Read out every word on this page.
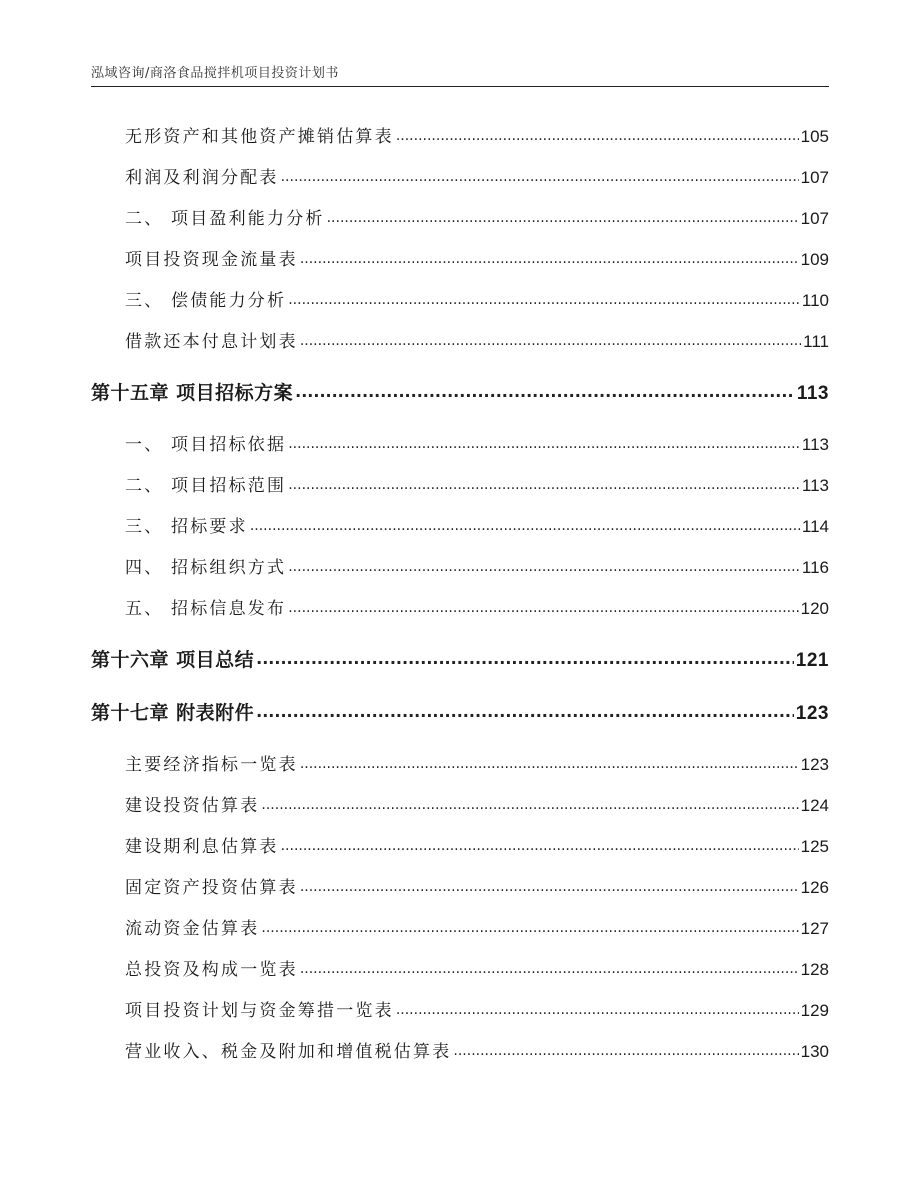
泓域咨询/商洛食品搅拌机项目投资计划书
无形资产和其他资产摊销估算表 .....	105
利润及利润分配表 .....	107
二、 项目盈利能力分析 .....	107
项目投资现金流量表 .....	109
三、 偿债能力分析 .....	110
借款还本付息计划表 .....	111
第十五章 项目招标方案 .....	113
一、 项目招标依据 .....	113
二、 项目招标范围 .....	113
三、 招标要求 .....	114
四、 招标组织方式 .....	116
五、 招标信息发布 .....	120
第十六章 项目总结 .....	121
第十七章 附表附件 .....	123
主要经济指标一览表 .....	123
建设投资估算表 .....	124
建设期利息估算表 .....	125
固定资产投资估算表 .....	126
流动资金估算表 .....	127
总投资及构成一览表 .....	128
项目投资计划与资金筹措一览表 .....	129
营业收入、税金及附加和增值税估算表 .....	130
